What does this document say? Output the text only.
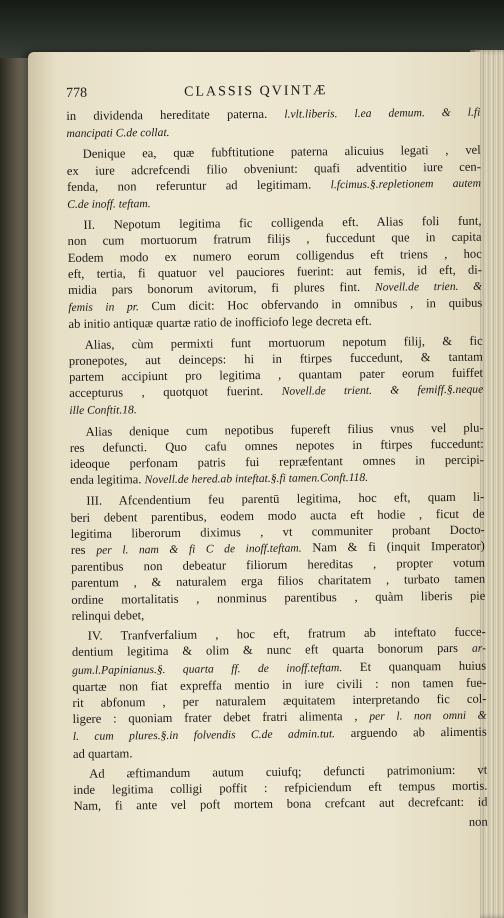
778	CLASSIS QVINTÆ
in dividenda hereditate paterna. l.vlt.liberis. l.ea demum. & l.fi
mancipati C.de collat.
Denique ea, quæ fubftitutione paterna alicuius legati , vel
ex iure adcrefcendi filio obveniunt: quafi adventitio iure cen-
fenda, non referuntur ad legitimam. l.fcimus.§.repletionem autem
C.de inoff. teftam.
II. Nepotum legitima fic colligenda eft. Alias foli funt,
non cum mortuorum fratrum filijs , fuccedunt que in capita
Eodem modo ex numero eorum colligendus eft triens , hoc
eft, tertia, fi quatuor vel pauciores fuerint: aut femis, id eft, di-
midia pars bonorum avitorum, fi plures fint. Novell.de trien. &
femis in pr. Cum dicit: Hoc obfervando in omnibus , in quibus
ab initio antiquæ quartæ ratio de inofficiofo lege decreta eft.
Alias, cùm permixti funt mortuorum nepotum filij, & fic
pronepotes, aut deinceps: hi in ftirpes fuccedunt, & tantam
partem accipiunt pro legitima , quantam pater eorum fuiffet
accepturus , quotquot fuerint. Novell.de trient. & femiff.§.neque
ille Conftit.18.
Alias denique cum nepotibus fupereft filius vnus vel plu-
res defuncti. Quo cafu omnes nepotes in ftirpes fuccedunt:
ideoque perfonam patris fui repræfentant omnes in percipi-
enda legitima. Novell.de hered.ab inteftat.§.fi tamen.Conft.118.
III. Afcendentium feu parentū legitima, hoc eft, quam li-
beri debent parentibus, eodem modo aucta eft hodie , ficut de
legitima liberorum diximus , vt communiter probant Docto-
res per l. nam & fi C de inoff.teftam. Nam & fi (inquit Imperator)
parentibus non debeatur filiorum hereditas , propter votum
parentum , & naturalem erga filios charitatem , turbato tamen
ordine mortalitatis , nonminus parentibus , quàm liberis pie
relinqui debet,
IV. Tranfverfalium , hoc eft, fratrum ab inteftato fucce-
dentium legitima & olim & nunc eft quarta bonorum pars ar-
gum.l.Papinianus.§. quarta ff. de inoff.teftam. Et quanquam huius
quartæ non fiat expreffa mentio in iure civili : non tamen fue-
rit abfonum , per naturalem æquitatem interpretando fic col-
ligere : quoniam frater debet fratri alimenta , per l. non omni &
l. cum plures.§.in folvendis C.de admin.tut. arguendo ab alimentis
ad quartam.
Ad æftimandum autum cuiufq; defuncti patrimonium: vt
inde legitima colligi poffit : refpiciendum eft tempus mortis.
Nam, fi ante vel poft mortem bona crefcant aut decrefcant: id
non
